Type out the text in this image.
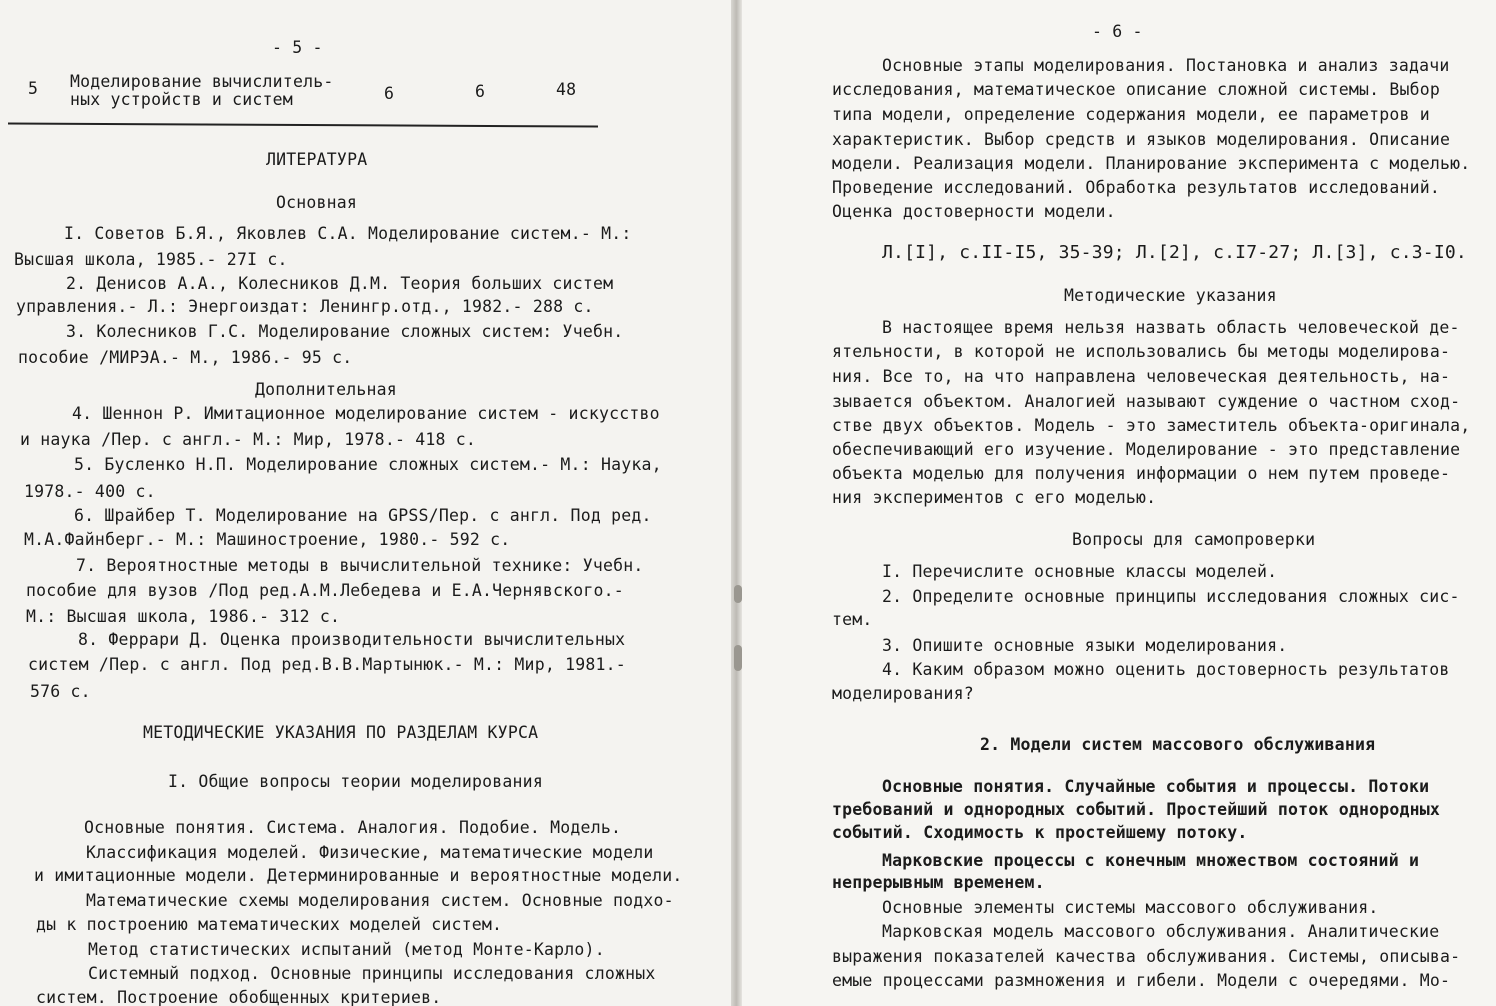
- 5 -
5 Моделирование вычислитель-
ных устройств и систем	6	6	48
ЛИТЕРАТУРА
Основная
I. Советов Б.Я., Яковлев С.А. Моделирование систем.- М.:
Высшая школа, 1985.- 27I с.
2. Денисов А.А., Колесников Д.М. Теория больших систем
управления.- Л.: Энергоиздат: Ленингр.отд., 1982.- 288 с.
3. Колесников Г.С. Моделирование сложных систем: Учебн.
пособие /МИРЭА.- М., 1986.- 95 с.
Дополнительная
4. Шеннон Р. Имитационное моделирование систем - искусство
и наука /Пер. с англ.- М.: Мир, 1978.- 418 с.
5. Бусленко Н.П. Моделирование сложных систем.- М.: Наука,
1978.- 400 с.
6. Шрайбер Т. Моделирование на GPSS/Пер. с англ. Под ред.
М.А.Файнберг.- М.: Машиностроение, 1980.- 592 с.
7. Вероятностные методы в вычислительной технике: Учебн.
пособие для вузов /Под ред.А.М.Лебедева и Е.А.Чернявского.-
М.: Высшая школа, 1986.- 312 с.
8. Феррари Д. Оценка производительности вычислительных
систем /Пер. с англ. Под ред.В.В.Мартынюк.- М.: Мир, 1981.-
576 с.
МЕТОДИЧЕСКИЕ УКАЗАНИЯ ПО РАЗДЕЛАМ КУРСА
I. Общие вопросы теории моделирования
Основные понятия. Система. Аналогия. Подобие. Модель.
Классификация моделей. Физические, математические модели
и имитационные модели. Детерминированные и вероятностные модели.
Математические схемы моделирования систем. Основные подхо-
ды к построению математических моделей систем.
Метод статистических испытаний (метод Монте-Карло).
Системный подход. Основные принципы исследования сложных
систем. Построение обобщенных критериев.
- 6 -
Основные этапы моделирования. Постановка и анализ задачи
исследования, математическое описание сложной системы. Выбор
типа модели, определение содержания модели, ее параметров и
характеристик. Выбор средств и языков моделирования. Описание
модели. Реализация модели. Планирование эксперимента с моделью.
Проведение исследований. Обработка результатов исследований.
Оценка достоверности модели.
Л.[I], с.II-I5, 35-39; Л.[2], с.I7-27; Л.[3], с.3-I0.
Методические указания
В настоящее время нельзя назвать область человеческой де-
ятельности, в которой не использовались бы методы моделирова-
ния. Все то, на что направлена человеческая деятельность, на-
зывается объектом. Аналогией называют суждение о частном сход-
стве двух объектов. Модель - это заместитель объекта-оригинала,
обеспечивающий его изучение. Моделирование - это представление
объекта моделью для получения информации о нем путем проведе-
ния экспериментов с его моделью.
Вопросы для самопроверки
I. Перечислите основные классы моделей.
2. Определите основные принципы исследования сложных сис-
тем.
3. Опишите основные языки моделирования.
4. Каким образом можно оценить достоверность результатов
моделирования?
2. Модели систем массового обслуживания
Основные понятия. Случайные события и процессы. Потоки
требований и однородных событий. Простейший поток однородных
событий. Сходимость к простейшему потоку.
Марковские процессы с конечным множеством состояний и
непрерывным временем.
Основные элементы системы массового обслуживания.
Марковская модель массового обслуживания. Аналитические
выражения показателей качества обслуживания. Системы, описыва-
емые процессами размножения и гибели. Модели с очередями. Мо-
